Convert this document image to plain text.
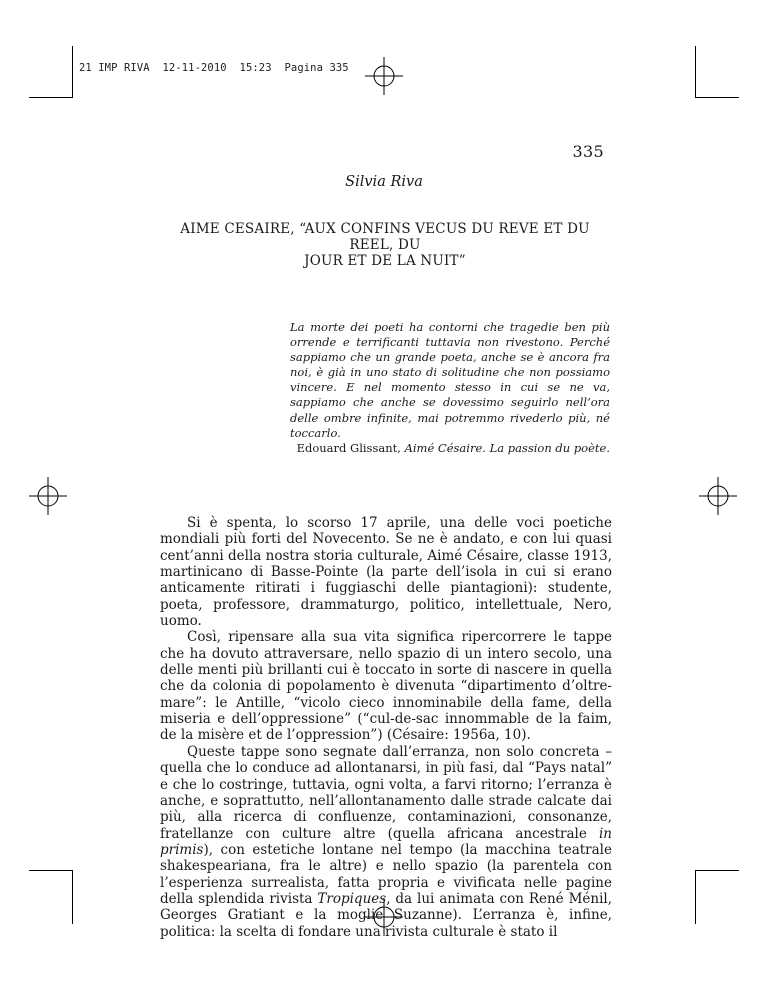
21 IMP RIVA  12-11-2010  15:23  Pagina 335
335
Silvia Riva
AIME CESAIRE, “AUX CONFINS VECUS DU REVE ET DU REEL, DU
JOUR ET DE LA NUIT”
La morte dei poeti ha contorni che tragedie ben più orrende e terrificanti tuttavia non rivestono. Perché sappiamo che un grande poeta, anche se è ancora fra noi, è già in uno stato di solitudine che non possiamo vincere. E nel momento stesso in cui se ne va, sappiamo che anche se dovessimo seguirlo nell’ora delle ombre infinite, mai potremmo rivederlo più, né toccarlo.
Edouard Glissant, Aimé Césaire. La passion du poète.

Si è spenta, lo scorso 17 aprile, una delle voci poetiche mondiali più forti del Novecento. Se ne è andato, e con lui quasi cent’anni della nostra storia culturale, Aimé Césaire, classe 1913, martinicano di Basse-Pointe (la parte dell’isola in cui si erano anticamente ritirati i fuggiaschi delle piantagioni): studente, poeta, professore, drammaturgo, politico, intellettuale, Nero, uomo.

Così, ripensare alla sua vita significa ripercorrere le tappe che ha dovuto attraversare, nello spazio di un intero secolo, una delle menti più brillanti cui è toccato in sorte di nascere in quella che da colonia di popolamento è divenuta “dipartimento d’oltre-mare”: le Antille, “vicolo cieco innominabile della fame, della miseria e dell’oppressione” (“cul-de-sac innommable de la faim, de la misère et de l’oppression”) (Césaire: 1956a, 10).

Queste tappe sono segnate dall’erranza, non solo concreta – quella che lo conduce ad allontanarsi, in più fasi, dal “Pays natal” e che lo costringe, tuttavia, ogni volta, a farvi ritorno; l’erranza è anche, e soprattutto, nell’allontanamento dalle strade calcate dai più, alla ricerca di confluenze, contaminazioni, consonanze, fratellanze con culture altre (quella africana ancestrale in primis), con estetiche lontane nel tempo (la macchina teatrale shakespeariana, fra le altre) e nello spazio (la parentela con l’esperienza surrealista, fatta propria e vivificata nelle pagine della splendida rivista Tropiques, da lui animata con René Ménil, Georges Gratiant e la moglie Suzanne). L’erranza è, infine, politica: la scelta di fondare una rivista culturale è stato il
